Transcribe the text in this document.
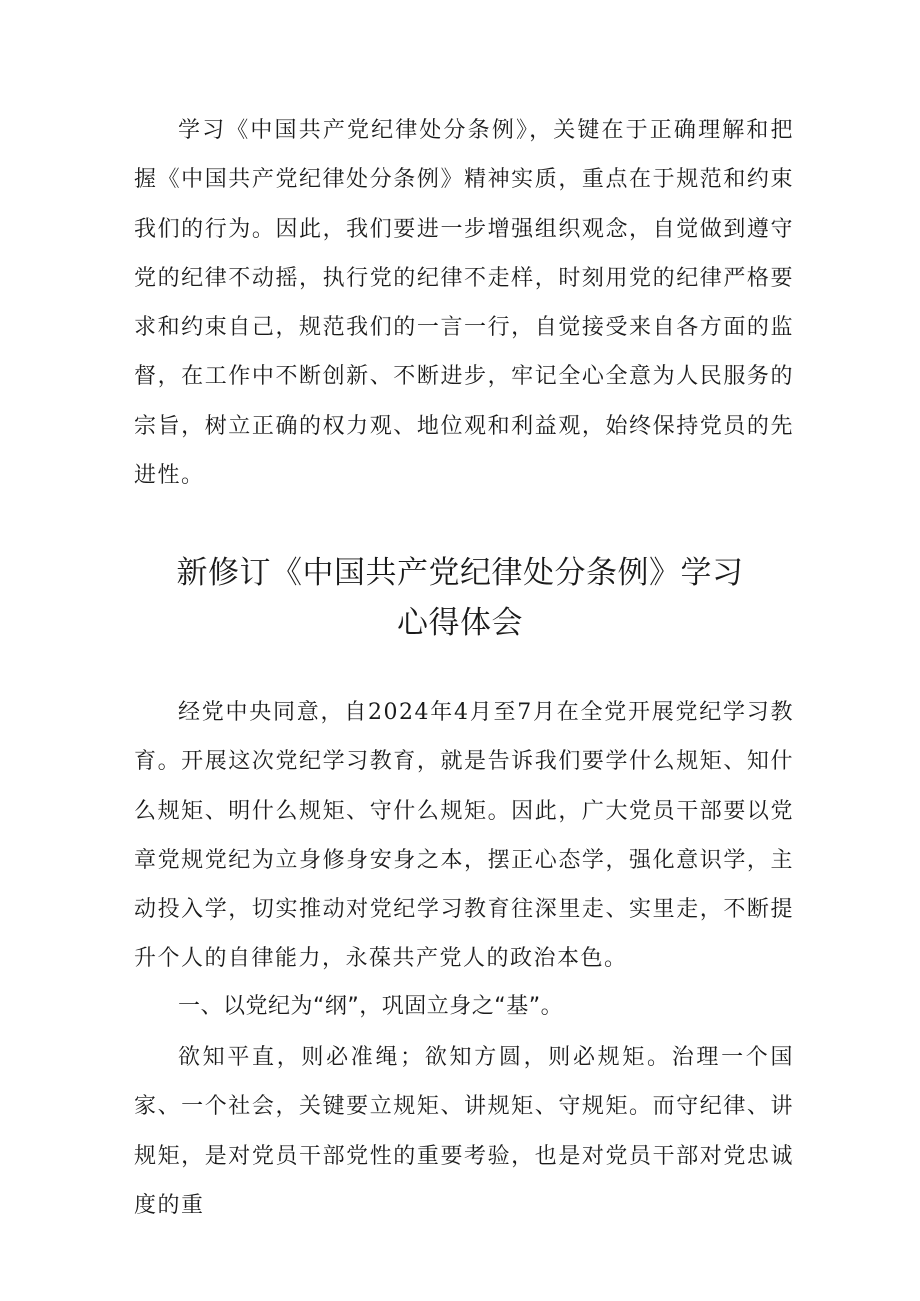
学习《中国共产党纪律处分条例》，关键在于正确理解和把握《中国共产党纪律处分条例》精神实质，重点在于规范和约束我们的行为。因此，我们要进一步增强组织观念，自觉做到遵守党的纪律不动摇，执行党的纪律不走样，时刻用党的纪律严格要求和约束自己，规范我们的一言一行，自觉接受来自各方面的监督，在工作中不断创新、不断进步，牢记全心全意为人民服务的宗旨，树立正确的权力观、地位观和利益观，始终保持党员的先进性。

新修订《中国共产党纪律处分条例》学习
心得体会

经党中央同意，自2024年4月至7月在全党开展党纪学习教育。开展这次党纪学习教育，就是告诉我们要学什么规矩、知什么规矩、明什么规矩、守什么规矩。因此，广大党员干部要以党章党规党纪为立身修身安身之本，摆正心态学，强化意识学，主动投入学，切实推动对党纪学习教育往深里走、实里走，不断提升个人的自律能力，永葆共产党人的政治本色。

一、以党纪为“纲”，巩固立身之“基”。

欲知平直，则必准绳；欲知方圆，则必规矩。治理一个国家、一个社会，关键要立规矩、讲规矩、守规矩。而守纪律、讲规矩，是对党员干部党性的重要考验，也是对党员干部对党忠诚度的重
